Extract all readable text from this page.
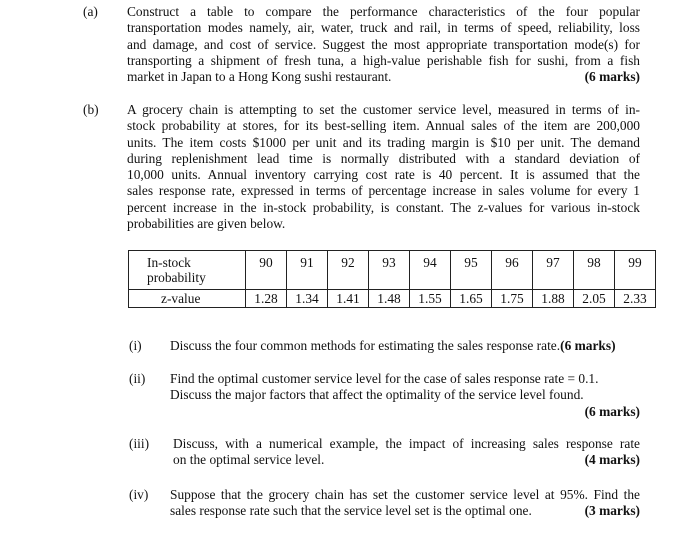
(a) Construct a table to compare the performance characteristics of the four popular
transportation modes namely, air, water, truck and rail, in terms of speed, reliability, loss
and damage, and cost of service. Suggest the most appropriate transportation mode(s) for
transporting a shipment of fresh tuna, a high-value perishable fish for sushi, from a fish
market in Japan to a Hong Kong sushi restaurant.	(6 marks)
(b) A grocery chain is attempting to set the customer service level, measured in terms of in-
stock probability at stores, for its best-selling item. Annual sales of the item are 200,000
units. The item costs $1000 per unit and its trading margin is $10 per unit. The demand
during replenishment lead time is normally distributed with a standard deviation of
10,000 units. Annual inventory carrying cost rate is 40 percent. It is assumed that the
sales response rate, expressed in terms of percentage increase in sales volume for every 1
percent increase in the in-stock probability, is constant. The z-values for various in-stock
probabilities are given below.
In-stock
probability	90	91	92	93	94	95	96	97	98	99
z-value	1.28	1.34	1.41	1.48	1.55	1.65	1.75	1.88	2.05	2.33
(i) Discuss the four common methods for estimating the sales response rate.(6 marks)
(ii) Find the optimal customer service level for the case of sales response rate = 0.1.
Discuss the major factors that affect the optimality of the service level found.
(6 marks)
(iii) Discuss, with a numerical example, the impact of increasing sales response rate
on the optimal service level.	(4 marks)
(iv) Suppose that the grocery chain has set the customer service level at 95%. Find the
sales response rate such that the service level set is the optimal one.	(3 marks)
